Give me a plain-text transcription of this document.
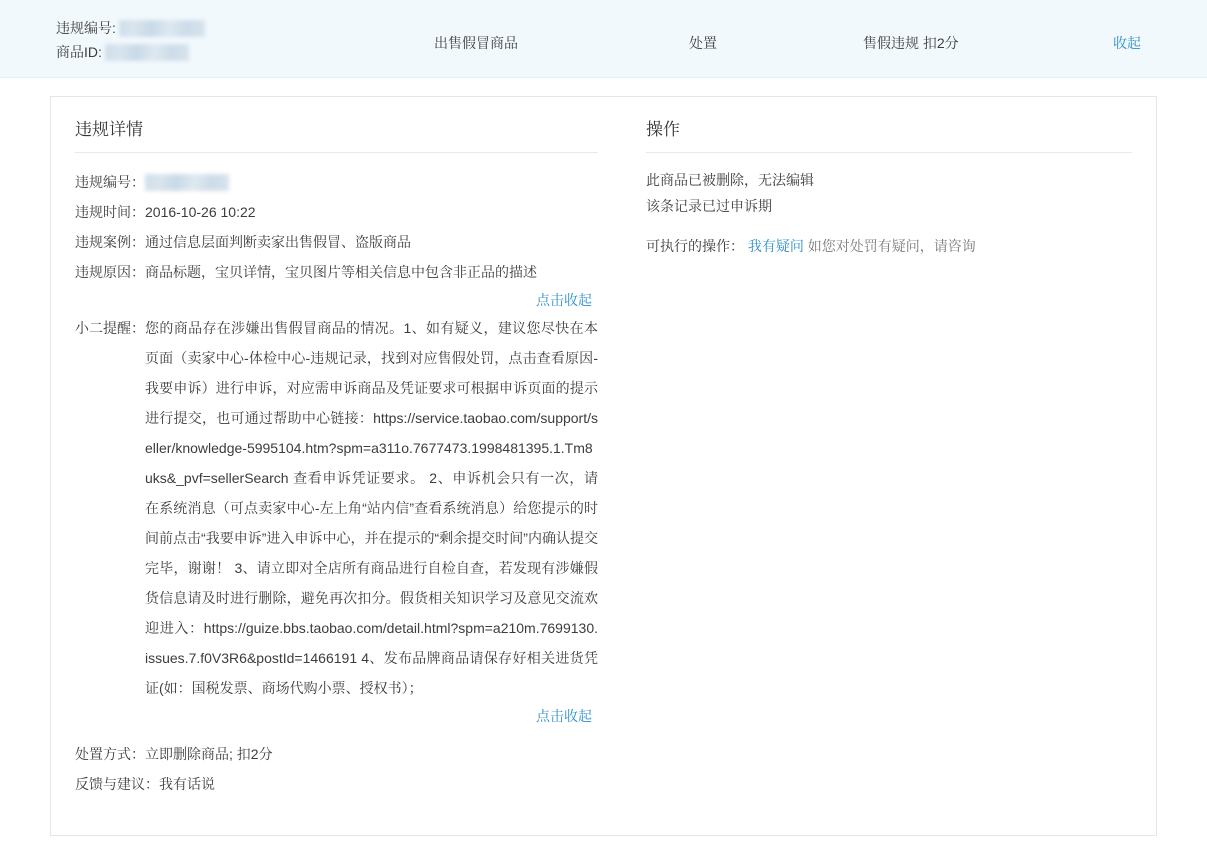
违规编号:
商品ID:
出售假冒商品	处置	售假违规 扣2分	收起
违规详情
违规编号：
违规时间： 2016-10-26 10:22
违规案例： 通过信息层面判断卖家出售假冒、盗版商品
违规原因： 商品标题，宝贝详情，宝贝图片等相关信息中包含非正品的描述
点击收起
小二提醒： 您的商品存在涉嫌出售假冒商品的情况。1、如有疑义，建议您尽快在本页面（卖家中心-体检中心-违规记录，找到对应售假处罚，点击查看原因-我要申诉）进行申诉，对应需申诉商品及凭证要求可根据申诉页面的提示进行提交，也可通过帮助中心链接：https://service.taobao.com/support/seller/knowledge-5995104.htm?spm=a311o.7677473.1998481395.1.Tm8uks&_pvf=sellerSearch 查看申诉凭证要求。 2、申诉机会只有一次，请在系统消息（可点卖家中心-左上角“站内信”查看系统消息）给您提示的时间前点击“我要申诉”进入申诉中心，并在提示的“剩余提交时间”内确认提交完毕，谢谢！ 3、请立即对全店所有商品进行自检自查，若发现有涉嫌假货信息请及时进行删除，避免再次扣分。假货相关知识学习及意见交流欢迎进入：https://guize.bbs.taobao.com/detail.html?spm=a210m.7699130.issues.7.f0V3R6&postId=1466191 4、发布品牌商品请保存好相关进货凭证(如：国税发票、商场代购小票、授权书）；
点击收起
处置方式： 立即删除商品; 扣2分
反馈与建议： 我有话说
操作
此商品已被删除，无法编辑
该条记录已过申诉期
可执行的操作： 我有疑问 如您对处罚有疑问，请咨询
